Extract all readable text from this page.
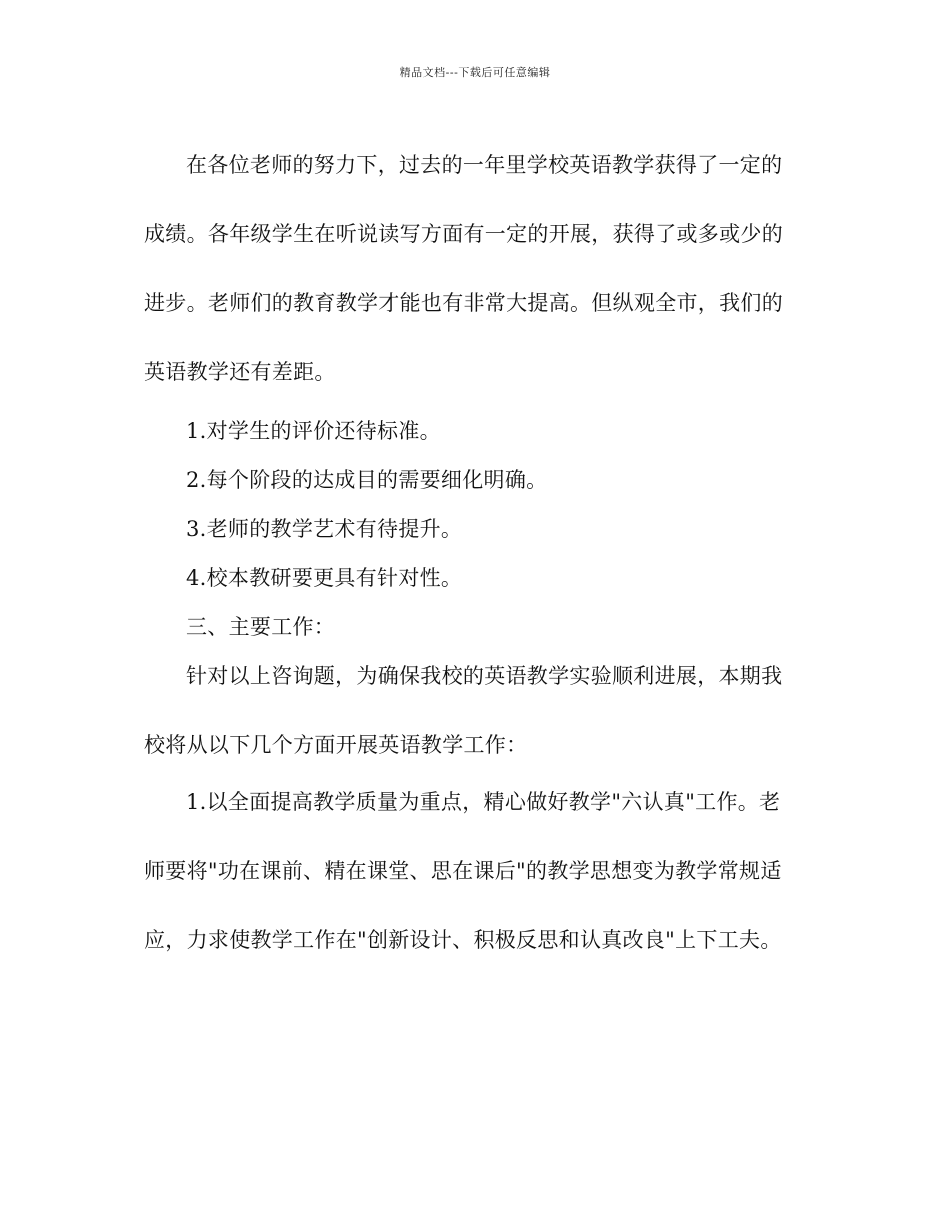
精品文档---下载后可任意编辑

在各位老师的努力下，过去的一年里学校英语教学获得了一定的
成绩。各年级学生在听说读写方面有一定的开展，获得了或多或少的
进步。老师们的教育教学才能也有非常大提高。但纵观全市，我们的
英语教学还有差距。

1.对学生的评价还待标准。

2.每个阶段的达成目的需要细化明确。

3.老师的教学艺术有待提升。

4.校本教研要更具有针对性。

三、主要工作：

针对以上咨询题，为确保我校的英语教学实验顺利进展，本期我
校将从以下几个方面开展英语教学工作：

1.以全面提高教学质量为重点，精心做好教学"六认真"工作。老
师要将"功在课前、精在课堂、思在课后"的教学思想变为教学常规适
应，力求使教学工作在"创新设计、积极反思和认真改良"上下工夫。
